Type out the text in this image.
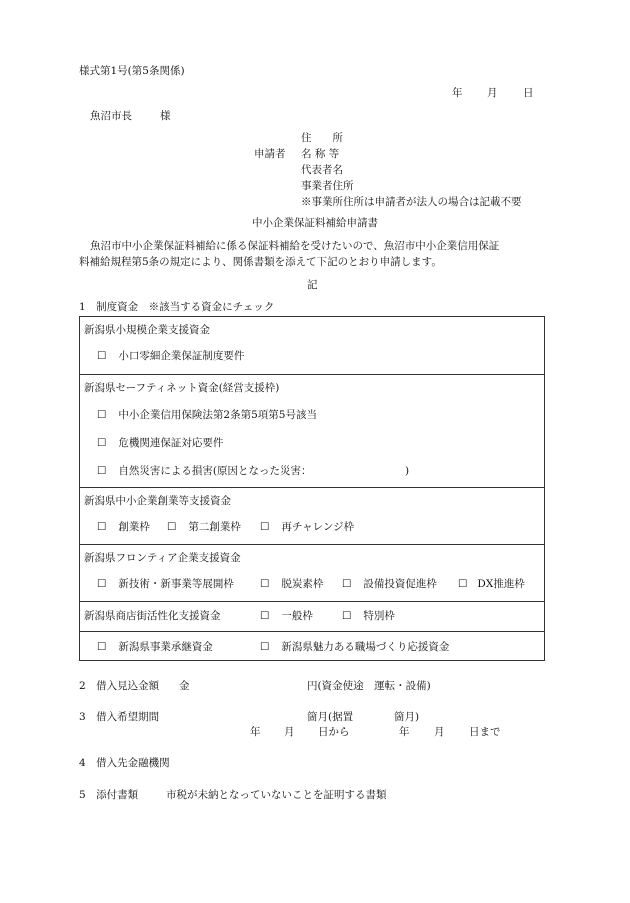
様式第1号(第5条関係)
年 月 日
魚沼市長	様
住　　所
申請者 名 称 等
代表者名
事業者住所
※事業所住所は申請者が法人の場合は記載不要
中小企業保証料補給申請書
魚沼市中小企業保証料補給に係る保証料補給を受けたいので、魚沼市中小企業信用保証
料補給規程第5条の規定により、関係書類を添えて下記のとおり申請します。
記
1　制度資金　※該当する資金にチェック
新潟県小規模企業支援資金
☐ 小口零細企業保証制度要件
新潟県セーフティネット資金(経営支援枠)
☐ 中小企業信用保険法第2条第5項第5号該当
☐ 危機関連保証対応要件
☐ 自然災害による損害(原因となった災害：	)
新潟県中小企業創業等支援資金
☐ 創業枠 ☐ 第二創業枠 ☐ 再チャレンジ枠
新潟県フロンティア企業支援資金
☐ 新技術・新事業等展開枠 ☐ 脱炭素枠 ☐ 設備投資促進枠 ☐ DX推進枠
新潟県商店街活性化支援資金	☐ 一般枠	☐ 特別枠
☐ 新潟県事業承継資金	☐ 新潟県魅力ある職場づくり応援資金
2　借入見込金額 金	円(資金使途　運転・設備)
3　借入希望期間	箇月(据置	箇月)
年 月 日から	年 月 日まで
4　借入先金融機関
5　添付書類	市税が未納となっていないことを証明する書類
